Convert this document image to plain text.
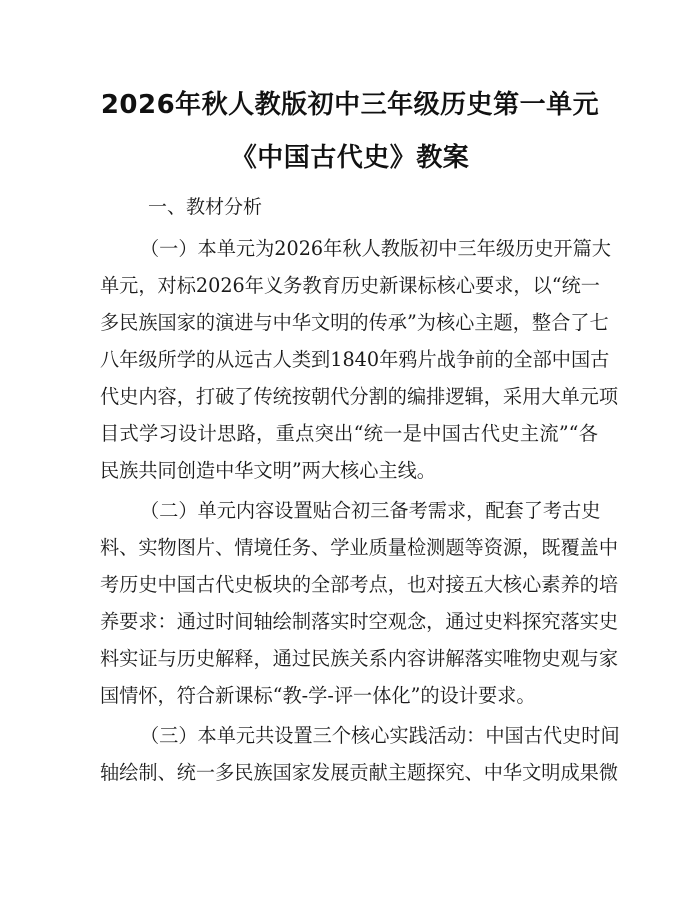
2026年秋人教版初中三年级历史第一单元
《中国古代史》教案
一、教材分析
（一）本单元为2026年秋人教版初中三年级历史开篇大
单元，对标2026年义务教育历史新课标核心要求，以“统一
多民族国家的演进与中华文明的传承”为核心主题，整合了七
八年级所学的从远古人类到1840年鸦片战争前的全部中国古
代史内容，打破了传统按朝代分割的编排逻辑，采用大单元项
目式学习设计思路，重点突出“统一是中国古代史主流”“各
民族共同创造中华文明”两大核心主线。
（二）单元内容设置贴合初三备考需求，配套了考古史
料、实物图片、情境任务、学业质量检测题等资源，既覆盖中
考历史中国古代史板块的全部考点，也对接五大核心素养的培
养要求：通过时间轴绘制落实时空观念，通过史料探究落实史
料实证与历史解释，通过民族关系内容讲解落实唯物史观与家
国情怀，符合新课标“教-学-评一体化”的设计要求。
（三）本单元共设置三个核心实践活动：中国古代史时间
轴绘制、统一多民族国家发展贡献主题探究、中华文明成果微
